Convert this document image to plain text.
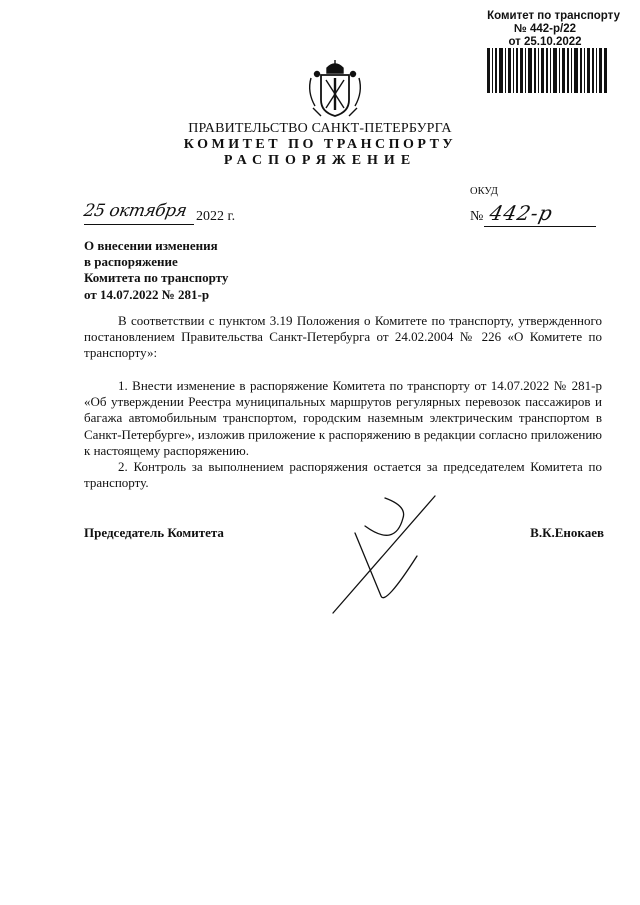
Комитет по транспорту
№ 442-р/22
от 25.10.2022
ПРАВИТЕЛЬСТВО САНКТ-ПЕТЕРБУРГА
КОМИТЕТ ПО ТРАНСПОРТУ
РАСПОРЯЖЕНИЕ
ОКУД
25 октября 2022 г.	№ 442-р
О внесении изменения
в распоряжение
Комитета по транспорту
от 14.07.2022 № 281-р

В соответствии с пунктом 3.19 Положения о Комитете по транспорту, утвержденного постановлением Правительства Санкт-Петербурга от 24.02.2004 № 226 «О Комитете по транспорту»:

1. Внести изменение в распоряжение Комитета по транспорту от 14.07.2022 № 281-р «Об утверждении Реестра муниципальных маршрутов регулярных перевозок пассажиров и багажа автомобильным транспортом, городским наземным электрическим транспортом в Санкт-Петербурге», изложив приложение к распоряжению в редакции согласно приложению к настоящему распоряжению.

2. Контроль за выполнением распоряжения остается за председателем Комитета по транспорту.

Председатель Комитета	В.К.Енокаев
